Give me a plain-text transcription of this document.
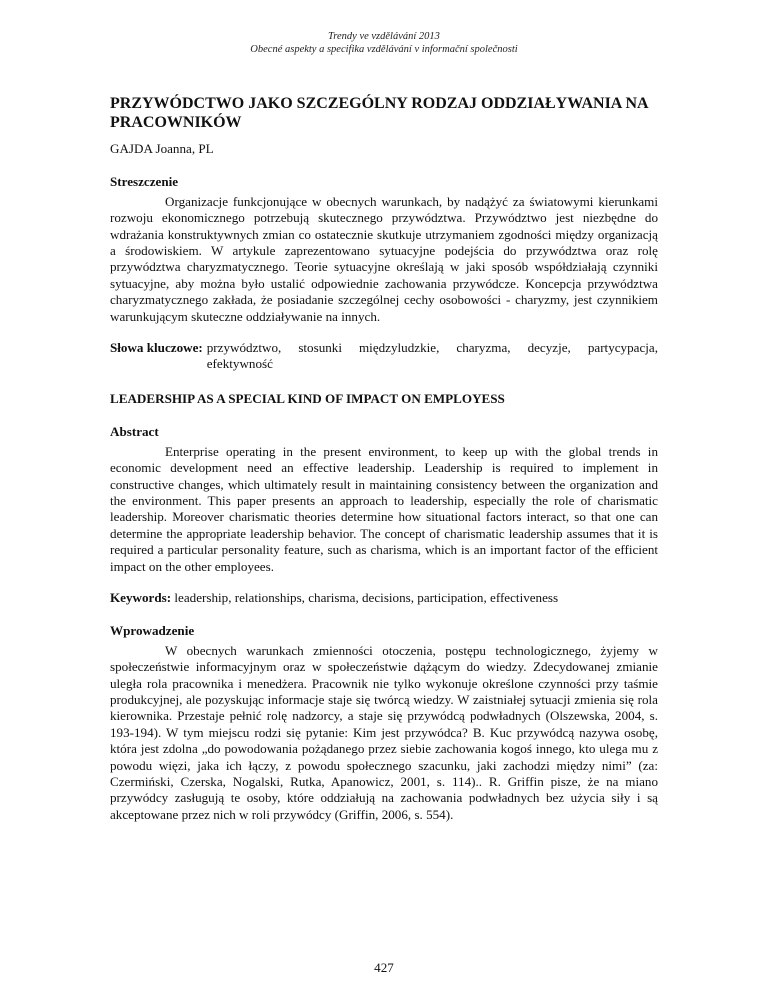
Trendy ve vzdělávání 2013
Obecné aspekty a specifika vzdělávání v informační společnosti
PRZYWÓDCTWO JAKO SZCZEGÓLNY RODZAJ ODDZIAŁYWANIA NA PRACOWNIKÓW
GAJDA Joanna, PL
Streszczenie

Organizacje funkcjonujące w obecnych warunkach, by nadążyć za światowymi kierunkami rozwoju ekonomicznego potrzebują skutecznego przywództwa. Przywództwo jest niezbędne do wdrażania konstruktywnych zmian co ostatecznie skutkuje utrzymaniem zgodności między organizacją a środowiskiem. W artykule zaprezentowano sytuacyjne podejścia do przywództwa oraz rolę przywództwa charyzmatycznego. Teorie sytuacyjne określają w jaki sposób współdziałają czynniki sytuacyjne, aby można było ustalić odpowiednie zachowania przywódcze. Koncepcja przywództwa charyzmatycznego zakłada, że posiadanie szczególnej cechy osobowości - charyzmy, jest czynnikiem warunkującym skuteczne oddziaływanie na innych.

Słowa kluczowe: przywództwo, stosunki międzyludzkie, charyzma, decyzje, partycypacja, efektywność
LEADERSHIP AS A SPECIAL KIND OF IMPACT ON EMPLOYESS
Abstract

Enterprise operating in the present environment, to keep up with the global trends in economic development need an effective leadership. Leadership is required to implement in constructive changes, which ultimately result in maintaining consistency between the organization and the environment. This paper presents an approach to leadership, especially the role of charismatic leadership. Moreover charismatic theories determine how situational factors interact, so that one can determine the appropriate leadership behavior. The concept of charismatic leadership assumes that it is required a particular personality feature, such as charisma, which is an important factor of the efficient impact on the other employees.

Keywords: leadership, relationships, charisma, decisions, participation, effectiveness
Wprowadzenie

W obecnych warunkach zmienności otoczenia, postępu technologicznego, żyjemy w społeczeństwie informacyjnym oraz w społeczeństwie dążącym do wiedzy. Zdecydowanej zmianie uległa rola pracownika i menedżera. Pracownik nie tylko wykonuje określone czynności przy taśmie produkcyjnej, ale pozyskując informacje staje się twórcą wiedzy. W zaistniałej sytuacji zmienia się rola kierownika. Przestaje pełnić rolę nadzorcy, a staje się przywódcą podwładnych (Olszewska, 2004, s. 193-194). W tym miejscu rodzi się pytanie: Kim jest przywódca? B. Kuc przywódcą nazywa osobę, która jest zdolna „do powodowania pożądanego przez siebie zachowania kogoś innego, kto ulega mu z powodu więzi, jaka ich łączy, z powodu społecznego szacunku, jaki zachodzi między nimi” (za: Czermiński, Czerska, Nogalski, Rutka, Apanowicz, 2001, s. 114).. R. Griffin pisze, że na miano przywódcy zasługują te osoby, które oddziałują na zachowania podwładnych bez użycia siły i są akceptowane przez nich w roli przywódcy (Griffin, 2006, s. 554).

427
